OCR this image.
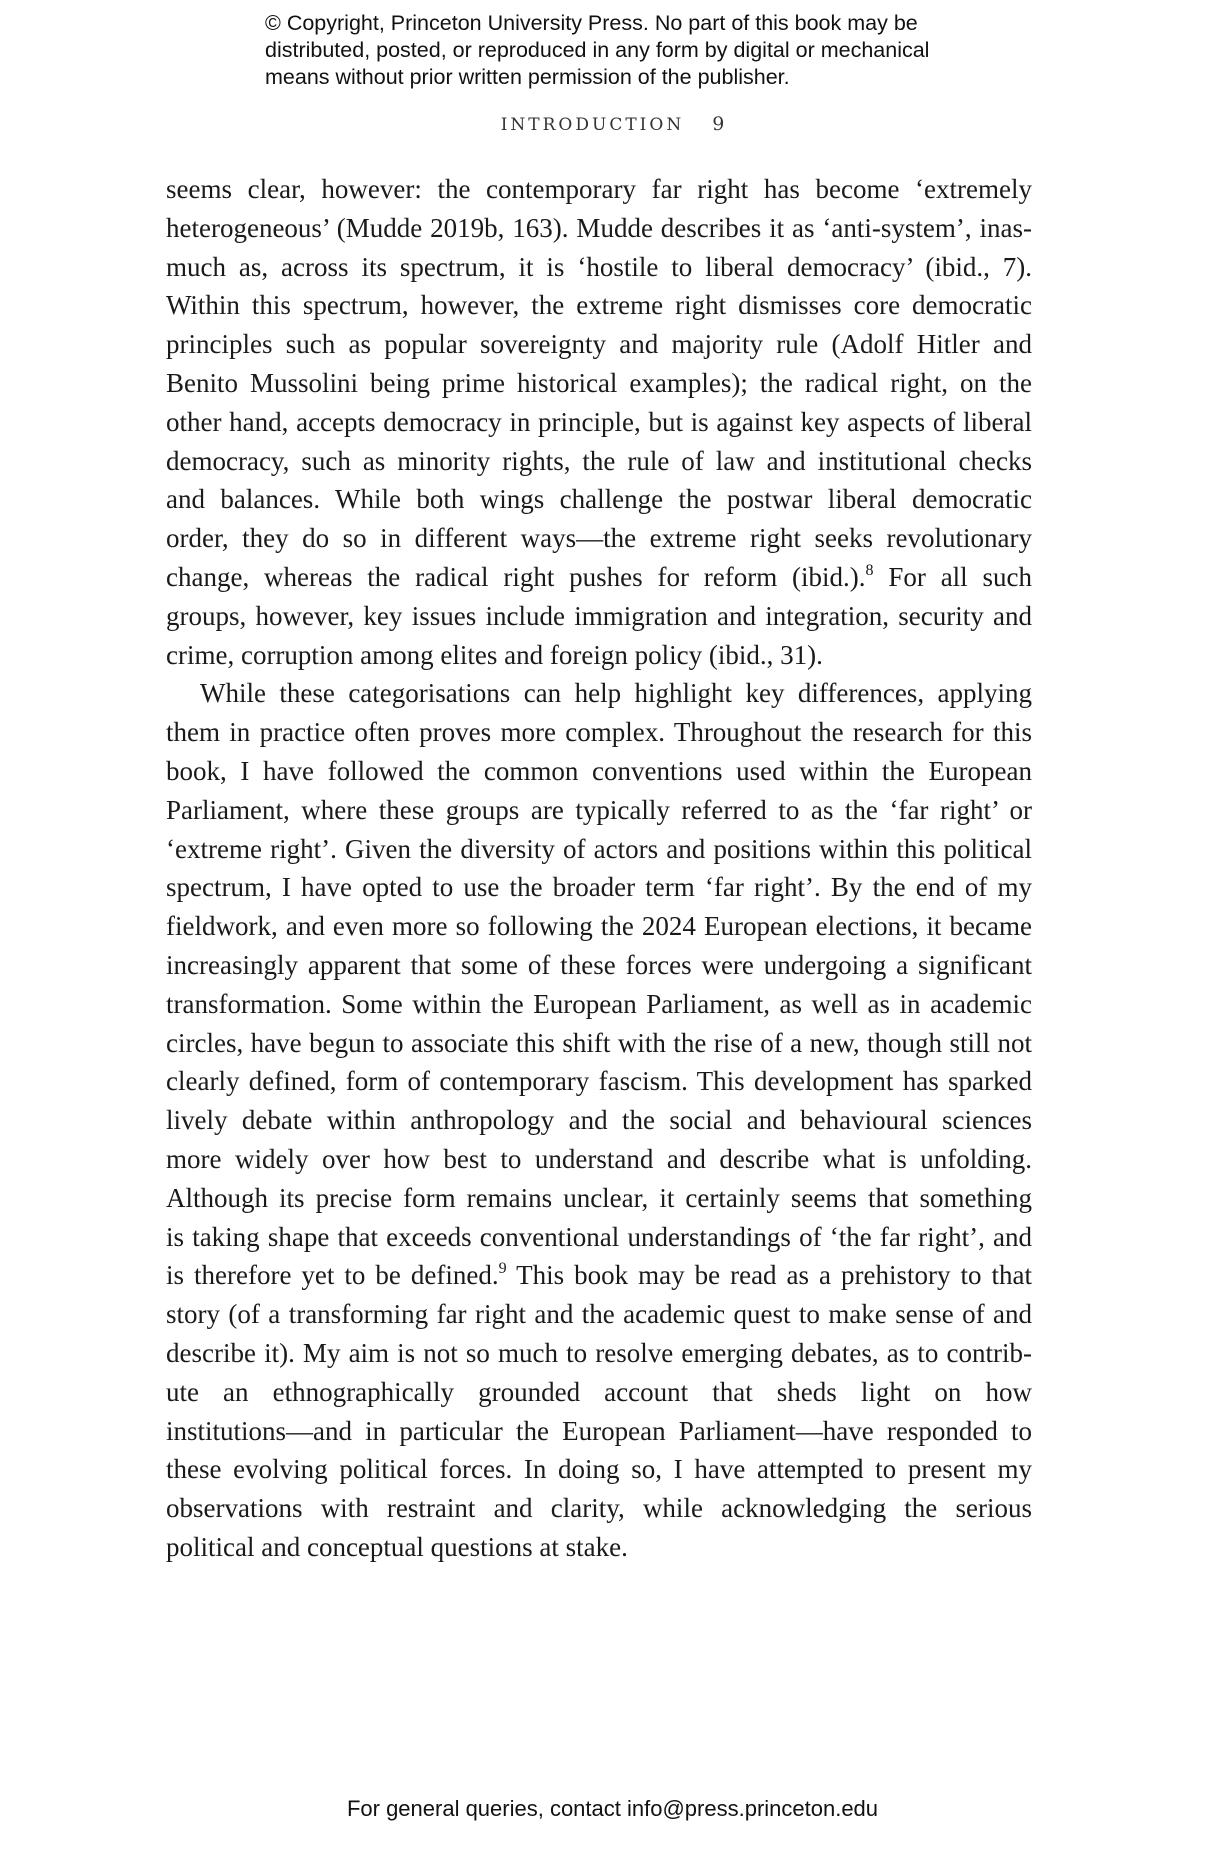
© Copyright, Princeton University Press. No part of this book may be
distributed, posted, or reproduced in any form by digital or mechanical
means without prior written permission of the publisher.
INTRODUCTION 9
seems clear, however: the contemporary far right has become ‘extremely
heterogeneous’ (Mudde 2019b, 163). Mudde describes it as ‘anti-system’, inas-
much as, across its spectrum, it is ‘hostile to liberal democracy’ (ibid., 7).
Within this spectrum, however, the extreme right dismisses core democratic
principles such as popular sovereignty and majority rule (Adolf Hitler and
Benito Mussolini being prime historical examples); the radical right, on the
other hand, accepts democracy in principle, but is against key aspects of liberal
democracy, such as minority rights, the rule of law and institutional checks
and balances. While both wings challenge the postwar liberal democratic
order, they do so in different ways—the extreme right seeks revolutionary
change, whereas the radical right pushes for reform (ibid.).$^8$ For all such
groups, however, key issues include immigration and integration, security and
crime, corruption among elites and foreign policy (ibid., 31).
While these categorisations can help highlight key differences, applying
them in practice often proves more complex. Throughout the research for this
book, I have followed the common conventions used within the European
Parliament, where these groups are typically referred to as the ‘far right’ or
‘extreme right’. Given the diversity of actors and positions within this political
spectrum, I have opted to use the broader term ‘far right’. By the end of my
fieldwork, and even more so following the 2024 European elections, it became
increasingly apparent that some of these forces were undergoing a significant
transformation. Some within the European Parliament, as well as in academic
circles, have begun to associate this shift with the rise of a new, though still not
clearly defined, form of contemporary fascism. This development has sparked
lively debate within anthropology and the social and behavioural sciences
more widely over how best to understand and describe what is unfolding.
Although its precise form remains unclear, it certainly seems that something
is taking shape that exceeds conventional understandings of ‘the far right’, and
is therefore yet to be defined.$^9$ This book may be read as a prehistory to that
story (of a transforming far right and the academic quest to make sense of and
describe it). My aim is not so much to resolve emerging debates, as to contrib-
ute an ethnographically grounded account that sheds light on how
institutions—and in particular the European Parliament—have responded to
these evolving political forces. In doing so, I have attempted to present my
observations with restraint and clarity, while acknowledging the serious
political and conceptual questions at stake.
For general queries, contact info@press.princeton.edu
